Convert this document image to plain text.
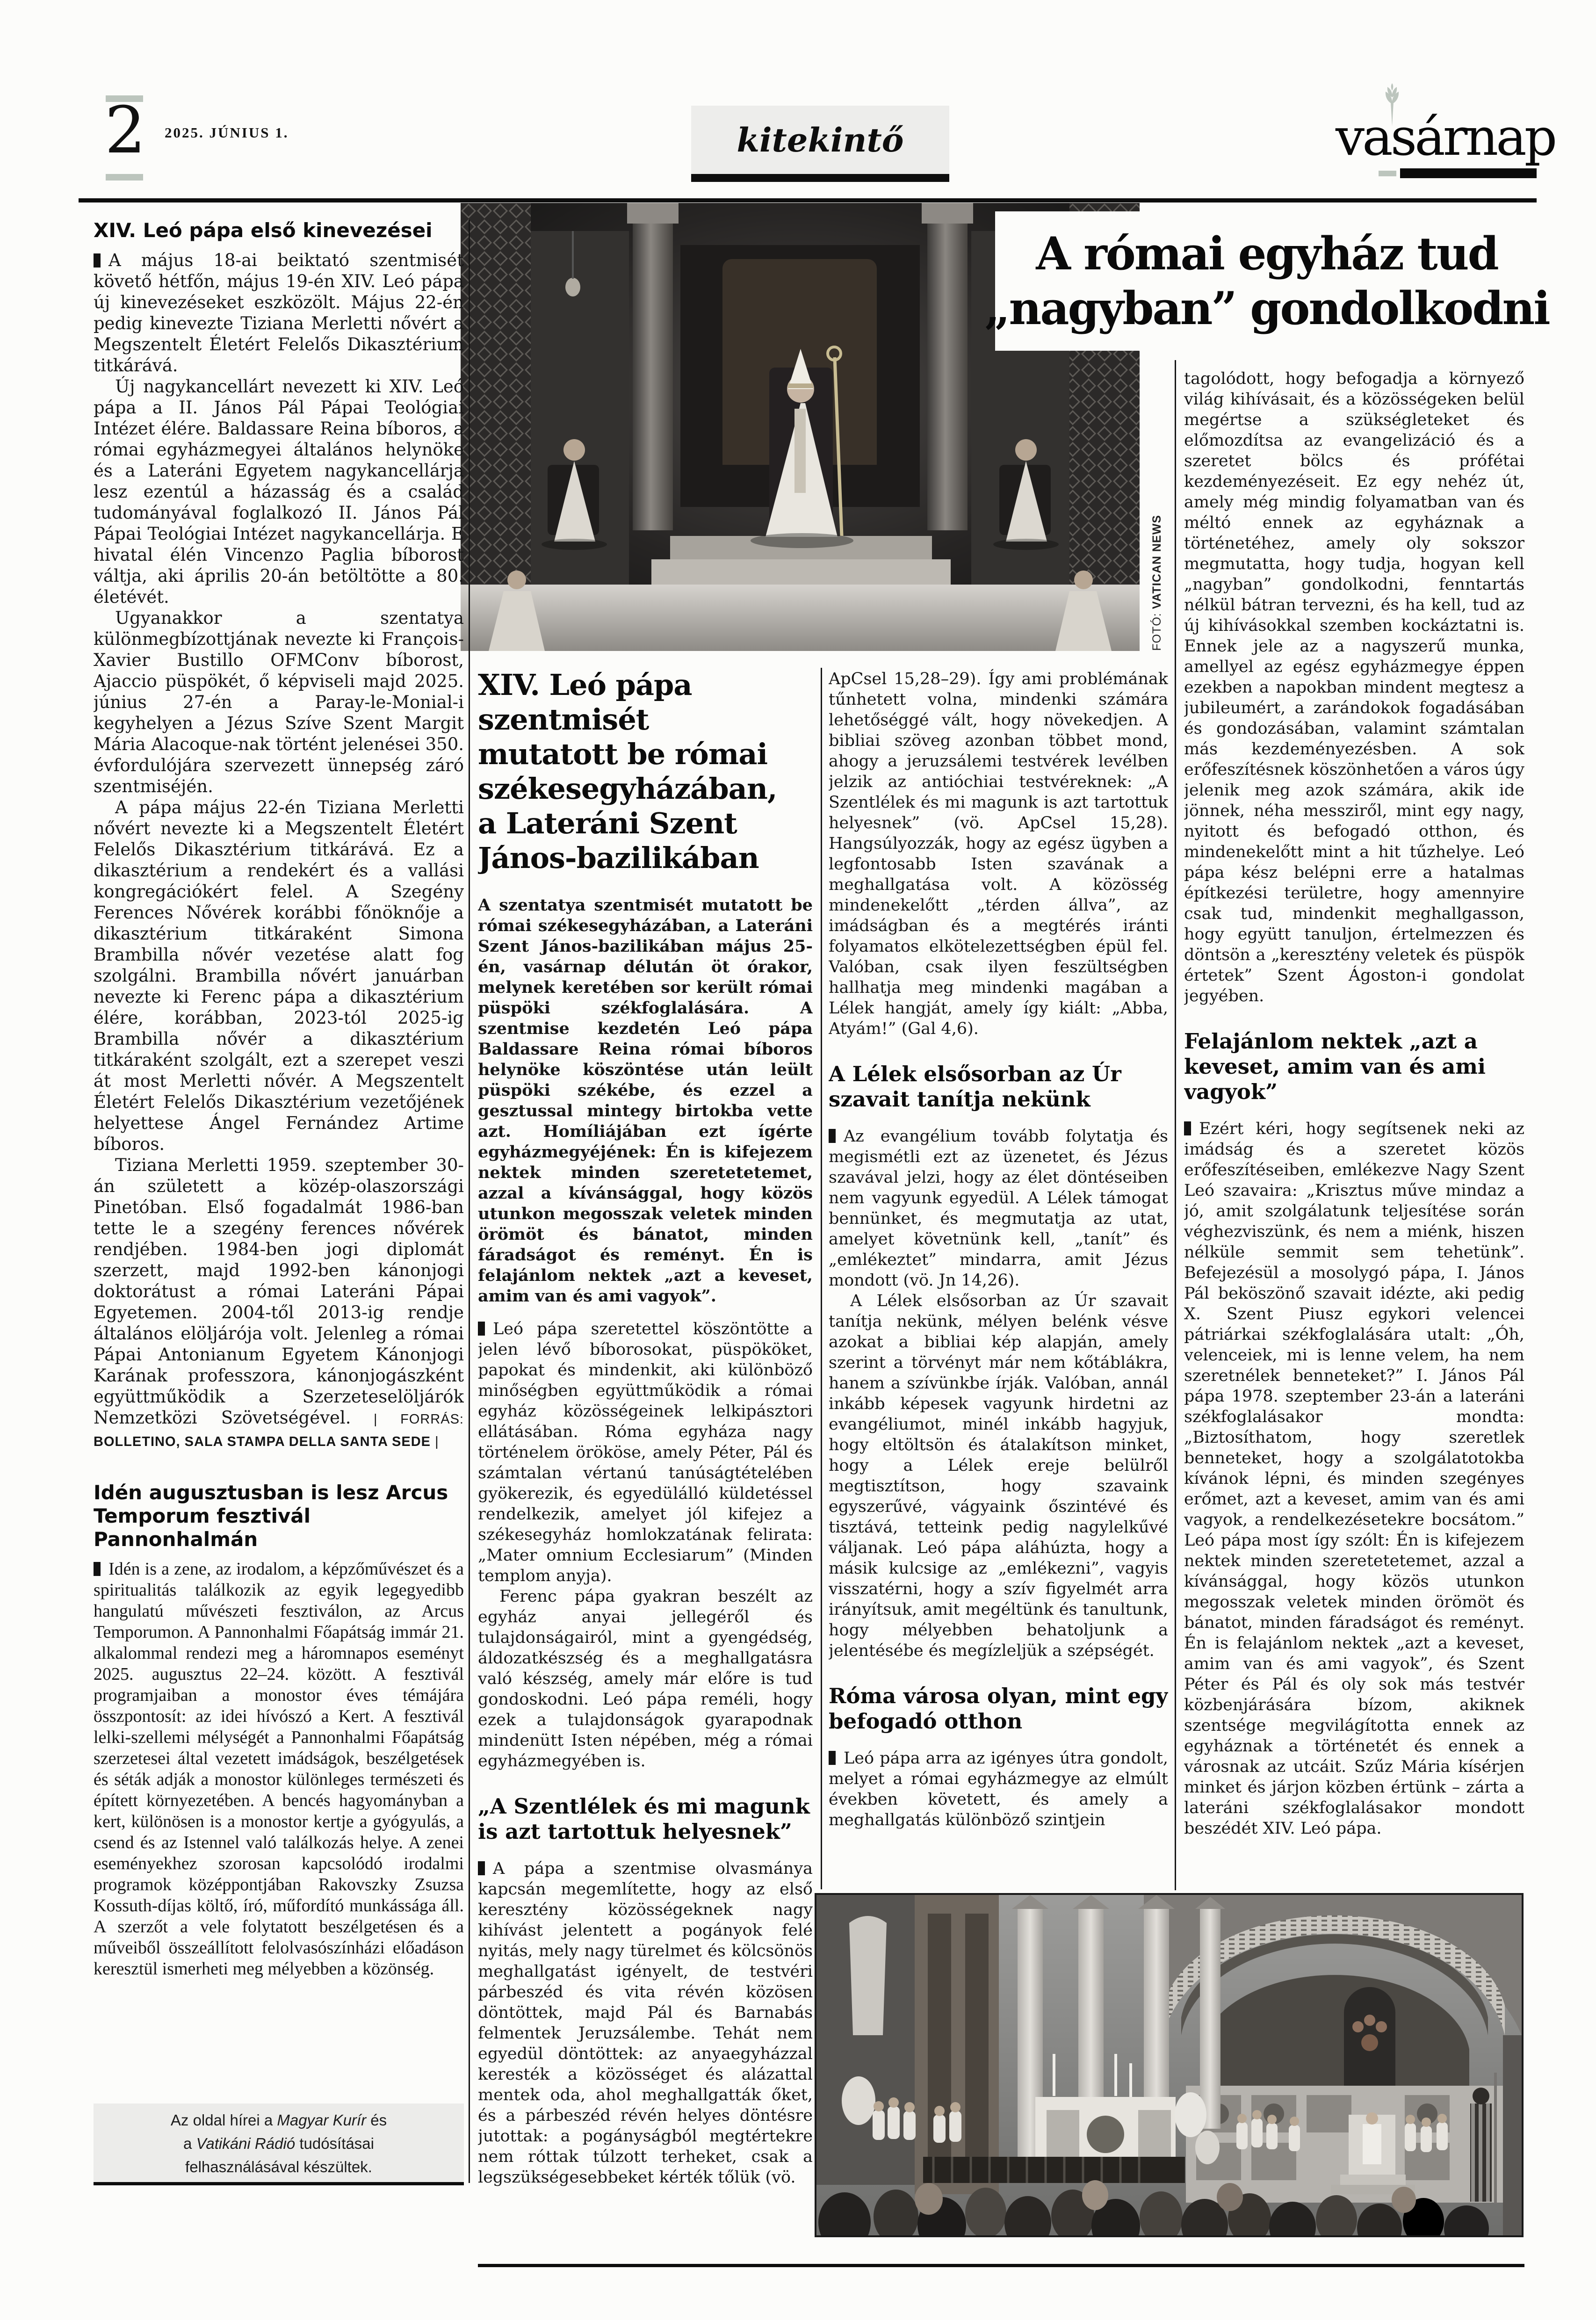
2 2025. JÚNIUS 1.	kitekintő	vasárnap
FOTÓ: VATICAN NEWS
A római egyház tud
„nagyban” gondolkodni
XIV. Leó pápa első kinevezései

A május 18-ai beiktató szentmisét követő hétfőn, május 19-én XIV. Leó pápa új kinevezéseket eszközölt. Május 22-én pedig kinevezte Tiziana Merletti nővért a Megszentelt Életért Felelős Dikasztérium titkárává.

Új nagykancellárt nevezett ki XIV. Leó pápa a II. János Pál Pápai Teológiai Intézet élére. Baldassare Reina bíboros, a római egyházmegyei általános helynöke és a Lateráni Egyetem nagykancellárja lesz ezentúl a házasság és a család tudományával foglalkozó II. János Pál Pápai Teológiai Intézet nagykancellárja. E hivatal élén Vincenzo Paglia bíborost váltja, aki április 20-án betöltötte a 80. életévét.

Ugyanakkor a szentatya különmegbízottjának nevezte ki François-Xavier Bustillo OFMConv bíborost, Ajaccio püspökét, ő képviseli majd 2025. június 27-én a Paray-le-Monial-i kegyhelyen a Jézus Szíve Szent Margit Mária Alacoque-nak történt jelenései 350. évfordulójára szervezett ünnepség záró szentmiséjén.

A pápa május 22-én Tiziana Merletti nővért nevezte ki a Megszentelt Életért Felelős Dikasztérium titkárává. Ez a dikasztérium a rendekért és a vallási kongregációkért felel. A Szegény Ferences Nővérek korábbi főnöknője a dikasztérium titkáraként Simona Brambilla nővér vezetése alatt fog szolgálni. Brambilla nővért januárban nevezte ki Ferenc pápa a dikasztérium élére, korábban, 2023-tól 2025-ig Brambilla nővér a dikasztérium titkáraként szolgált, ezt a szerepet veszi át most Merletti nővér. A Megszentelt Életért Felelős Dikasztérium vezetőjének helyettese Ángel Fernández Artime bíboros.

Tiziana Merletti 1959. szeptember 30-án született a közép-olaszországi Pinetóban. Első fogadalmát 1986-ban tette le a szegény ferences nővérek rendjében. 1984-ben jogi diplomát szerzett, majd 1992-ben kánonjogi doktorátust a római Lateráni Pápai Egyetemen. 2004-től 2013-ig rendje általános elöljárója volt. Jelenleg a római Pápai Antonianum Egyetem Kánonjogi Karának professzora, kánonjogászként együttműködik a Szerzeteselöljárók Nemzetközi Szövetségével. | FORRÁS: BOLLETINO, SALA STAMPA DELLA SANTA SEDE |

Idén augusztusban is lesz Arcus Temporum fesztivál Pannonhalmán

Idén is a zene, az irodalom, a képzőművészet és a spiritualitás találkozik az egyik legegyedibb hangulatú művészeti fesztiválon, az Arcus Temporumon. A Pannonhalmi Főapátság immár 21. alkalommal rendezi meg a háromnapos eseményt 2025. augusztus 22–24. között. A fesztivál programjaiban a monostor éves témájára összpontosít: az idei hívószó a Kert. A fesztivál lelki-szellemi mélységét a Pannonhalmi Főapátság szerzetesei által vezetett imádságok, beszélgetések és séták adják a monostor különleges természeti és épített környezetében. A bencés hagyományban a kert, különösen is a monostor kertje a gyógyulás, a csend és az Istennel való találkozás helye. A zenei eseményekhez szorosan kapcsolódó irodalmi programok középpontjában Rakovszky Zsuzsa Kossuth-díjas költő, író, műfordító munkássága áll. A szerzőt a vele folytatott beszélgetésen és a műveiből összeállított felolvasószínházi előadáson keresztül ismerheti meg mélyebben a közönség.

XIV. Leó pápa
szentmisét
mutatott be római
székesegyházában,
a Lateráni Szent
János-bazilikában

A szentatya szentmisét mutatott be római székesegyházában, a Lateráni Szent János-bazilikában május 25-én, vasárnap délután öt órakor, melynek keretében sor került római püspöki székfoglalására. A szentmise kezdetén Leó pápa Baldassare Reina római bíboros helynöke köszöntése után leült püspöki székébe, és ezzel a gesztussal mintegy birtokba vette azt. Homíliájában ezt ígérte egyházmegyéjének: Én is kifejezem nektek minden szeretetetemet, azzal a kívánsággal, hogy közös utunkon megosszak veletek minden örömöt és bánatot, minden fáradságot és reményt. Én is felajánlom nektek „azt a keveset, amim van és ami vagyok”.

Leó pápa szeretettel köszöntötte a jelen lévő bíborosokat, püspököket, papokat és mindenkit, aki különböző minőségben együttműködik a római egyház közösségeinek lelkipásztori ellátásában. Róma egyháza nagy történelem örököse, amely Péter, Pál és számtalan vértanú tanúságtételében gyökerezik, és egyedülálló küldetéssel rendelkezik, amelyet jól kifejez a székesegyház homlokzatának felirata: „Mater omnium Ecclesiarum” (Minden templom anyja).

Ferenc pápa gyakran beszélt az egyház anyai jellegéről és tulajdonságairól, mint a gyengédség, áldozatkészség és a meghallgatásra való készség, amely már előre is tud gondoskodni. Leó pápa reméli, hogy ezek a tulajdonságok gyarapodnak mindenütt Isten népében, még a római egyházmegyében is.

„A Szentlélek és mi magunk is azt tartottuk helyesnek”

A pápa a szentmise olvasmánya kapcsán megemlítette, hogy az első keresztény közösségeknek nagy kihívást jelentett a pogányok felé nyitás, mely nagy türelmet és kölcsönös meghallgatást igényelt, de testvéri párbeszéd és vita révén közösen döntöttek, majd Pál és Barnabás felmentek Jeruzsálembe. Tehát nem egyedül döntöttek: az anyaegyházzal keresték a közösséget és alázattal mentek oda, ahol meghallgatták őket, és a párbeszéd révén helyes döntésre jutottak: a pogányságból megtértekre nem róttak túlzott terheket, csak a legszükségesebbeket kérték tőlük (vö.

ApCsel 15,28–29). Így ami problémának tűnhetett volna, mindenki számára lehetőséggé vált, hogy növekedjen. A bibliai szöveg azonban többet mond, ahogy a jeruzsálemi testvérek levélben jelzik az antióchiai testvéreknek: „A Szentlélek és mi magunk is azt tartottuk helyesnek” (vö. ApCsel 15,28). Hangsúlyozzák, hogy az egész ügyben a legfontosabb Isten szavának a meghallgatása volt. A közösség mindenekelőtt „térden állva”, az imádságban és a megtérés iránti folyamatos elkötelezettségben épül fel. Valóban, csak ilyen feszültségben hallhatja meg mindenki magában a Lélek hangját, amely így kiált: „Abba, Atyám!” (Gal 4,6).

A Lélek elsősorban az Úr szavait tanítja nekünk

Az evangélium tovább folytatja és megismétli ezt az üzenetet, és Jézus szavával jelzi, hogy az élet döntéseiben nem vagyunk egyedül. A Lélek támogat bennünket, és megmutatja az utat, amelyet követnünk kell, „tanít” és „emlékeztet” mindarra, amit Jézus mondott (vö. Jn 14,26).

A Lélek elsősorban az Úr szavait tanítja nekünk, mélyen belénk vésve azokat a bibliai kép alapján, amely szerint a törvényt már nem kőtáblákra, hanem a szívünkbe írják. Valóban, annál inkább képesek vagyunk hirdetni az evangéliumot, minél inkább hagyjuk, hogy eltöltsön és átalakítson minket, hogy a Lélek ereje belülről megtisztítson, hogy szavaink egyszerűvé, vágyaink őszintévé és tisztává, tetteink pedig nagylelkűvé váljanak. Leó pápa aláhúzta, hogy a másik kulcsige az „emlékezni”, vagyis visszatérni, hogy a szív figyelmét arra irányítsuk, amit megéltünk és tanultunk, hogy mélyebben behatoljunk a jelentésébe és megízleljük a szépségét.

Róma városa olyan, mint egy befogadó otthon

Leó pápa arra az igényes útra gondolt, melyet a római egyházmegye az elmúlt években követett, és amely a meghallgatás különböző szintjein

tagolódott, hogy befogadja a környező világ kihívásait, és a közösségeken belül megértse a szükségleteket és előmozdítsa az evangelizáció és a szeretet bölcs és prófétai kezdeményezéseit. Ez egy nehéz út, amely még mindig folyamatban van és méltó ennek az egyháznak a történetéhez, amely oly sokszor megmutatta, hogy tudja, hogyan kell „nagyban” gondolkodni, fenntartás nélkül bátran tervezni, és ha kell, tud az új kihívásokkal szemben kockáztatni is. Ennek jele az a nagyszerű munka, amellyel az egész egyházmegye éppen ezekben a napokban mindent megtesz a jubileumért, a zarándokok fogadásában és gondozásában, valamint számtalan más kezdeményezésben. A sok erőfeszítésnek köszönhetően a város úgy jelenik meg azok számára, akik ide jönnek, néha messziről, mint egy nagy, nyitott és befogadó otthon, és mindenekelőtt mint a hit tűzhelye. Leó pápa kész belépni erre a hatalmas építkezési területre, hogy amennyire csak tud, mindenkit meghallgasson, hogy együtt tanuljon, értelmezzen és döntsön a „keresztény veletek és püspök értetek” Szent Ágoston-i gondolat jegyében.

Felajánlom nektek „azt a keveset, amim van és ami vagyok”

Ezért kéri, hogy segítsenek neki az imádság és a szeretet közös erőfeszítéseiben, emlékezve Nagy Szent Leó szavaira: „Krisztus műve mindaz a jó, amit szolgálatunk teljesítése során véghezviszünk, és nem a miénk, hiszen nélküle semmit sem tehetünk”. Befejezésül a mosolygó pápa, I. János Pál beköszönő szavait idézte, aki pedig X. Szent Piusz egykori velencei pátriárkai székfoglalására utalt: „Óh, velenceiek, mi is lenne velem, ha nem szeretnélek benneteket?” I. János Pál pápa 1978. szeptember 23-án a lateráni székfoglalásakor mondta: „Biztosíthatom, hogy szeretlek benneteket, hogy a szolgálatotokba kívánok lépni, és minden szegényes erőmet, azt a keveset, amim van és ami vagyok, a rendelkezésetekre bocsátom.” Leó pápa most így szólt: Én is kifejezem nektek minden szeretetetemet, azzal a kívánsággal, hogy közös utunkon megosszak veletek minden örömöt és bánatot, minden fáradságot és reményt. Én is felajánlom nektek „azt a keveset, amim van és ami vagyok”, és Szent Péter és Pál és oly sok más testvér közbenjárására bízom, akiknek szentsége megvilágította ennek az egyháznak a történetét és ennek a városnak az utcáit. Szűz Mária kísérjen minket és járjon közben értünk – zárta a lateráni székfoglalásakor mondott beszédét XIV. Leó pápa.

Az oldal hírei a Magyar Kurír és
a Vatikáni Rádió tudósításai
felhasználásával készültek.
